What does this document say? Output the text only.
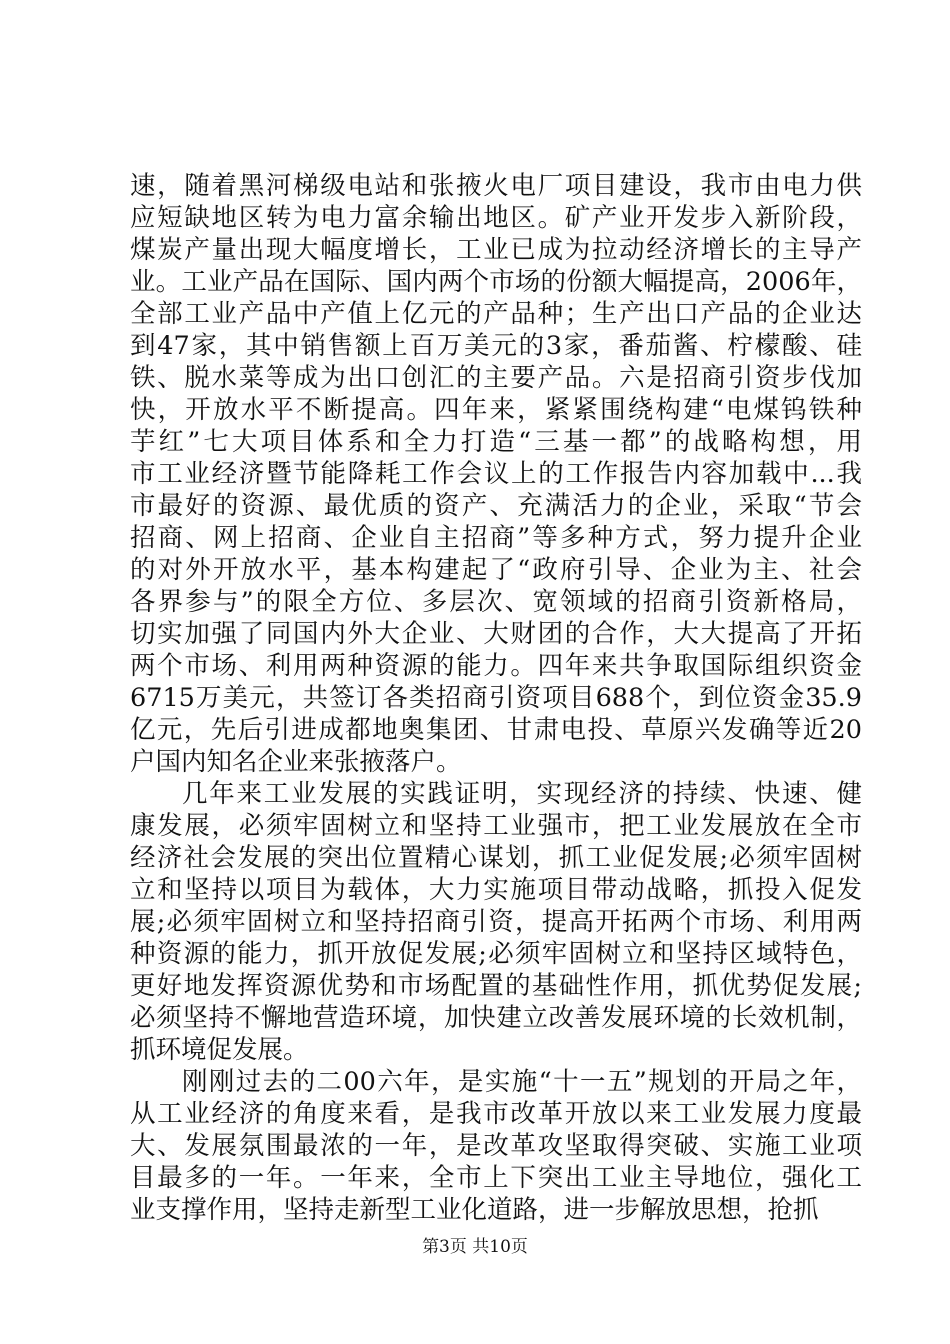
速，随着黑河梯级电站和张掖火电厂项目建设，我市由电力供
应短缺地区转为电力富余输出地区。矿产业开发步入新阶段，
煤炭产量出现大幅度增长，工业已成为拉动经济增长的主导产
业。工业产品在国际、国内两个市场的份额大幅提高，2006年，
全部工业产品中产值上亿元的产品种；生产出口产品的企业达
到47家，其中销售额上百万美元的3家，番茄酱、柠檬酸、硅
铁、脱水菜等成为出口创汇的主要产品。六是招商引资步伐加
快，开放水平不断提高。四年来，紧紧围绕构建“电煤钨铁种
芋红”七大项目体系和全力打造“三基一都”的战略构想，用
市工业经济暨节能降耗工作会议上的工作报告内容加载中...我
市最好的资源、最优质的资产、充满活力的企业，采取“节会
招商、网上招商、企业自主招商”等多种方式，努力提升企业
的对外开放水平，基本构建起了“政府引导、企业为主、社会
各界参与”的限全方位、多层次、宽领域的招商引资新格局，
切实加强了同国内外大企业、大财团的合作，大大提高了开拓
两个市场、利用两种资源的能力。四年来共争取国际组织资金
6715万美元，共签订各类招商引资项目688个，到位资金35.9
亿元，先后引进成都地奥集团、甘肃电投、草原兴发确等近20
户国内知名企业来张掖落户。
几年来工业发展的实践证明，实现经济的持续、快速、健
康发展，必须牢固树立和坚持工业强市，把工业发展放在全市
经济社会发展的突出位置精心谋划，抓工业促发展;必须牢固树
立和坚持以项目为载体，大力实施项目带动战略，抓投入促发
展;必须牢固树立和坚持招商引资，提高开拓两个市场、利用两
种资源的能力，抓开放促发展;必须牢固树立和坚持区域特色，
更好地发挥资源优势和市场配置的基础性作用，抓优势促发展;
必须坚持不懈地营造环境，加快建立改善发展环境的长效机制，
抓环境促发展。
刚刚过去的二00六年，是实施“十一五”规划的开局之年，
从工业经济的角度来看，是我市改革开放以来工业发展力度最
大、发展氛围最浓的一年，是改革攻坚取得突破、实施工业项
目最多的一年。一年来，全市上下突出工业主导地位，强化工
业支撑作用，坚持走新型工业化道路，进一步解放思想，抢抓
第3页 共10页
